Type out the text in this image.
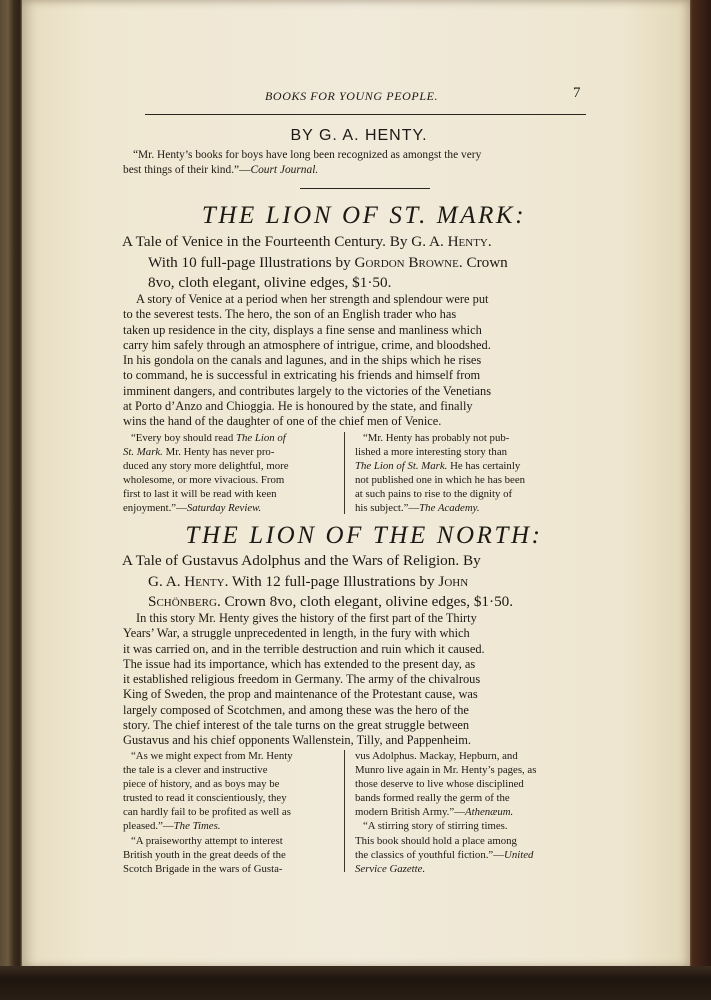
BOOKS FOR YOUNG PEOPLE.	7
BY G. A. HENTY.
“Mr. Henty’s books for boys have long been recognized as amongst the very
best things of their kind.”—Court Journal.
THE LION OF ST. MARK:
A Tale of Venice in the Fourteenth Century. By G. A. Henty.
With 10 full-page Illustrations by Gordon Browne. Crown
8vo, cloth elegant, olivine edges, $1·50.

A story of Venice at a period when her strength and splendour were put
to the severest tests. The hero, the son of an English trader who has

taken up residence in the city, displays a fine sense and manliness which
carry him safely through an atmosphere of intrigue, crime, and bloodshed.
In his gondola on the canals and lagunes, and in the ships which he rises
to command, he is successful in extricating his friends and himself from
imminent dangers, and contributes largely to the victories of the Venetians
at Porto d’Anzo and Chioggia. He is honoured by the state, and finally
wins the hand of the daughter of one of the chief men of Venice.
“Every boy should read The Lion of
St. Mark. Mr. Henty has never pro-
duced any story more delightful, more
wholesome, or more vivacious. From
first to last it will be read with keen
enjoyment.”—Saturday Review.
“Mr. Henty has probably not pub-
lished a more interesting story than
The Lion of St. Mark. He has certainly
not published one in which he has been
at such pains to rise to the dignity of
his subject.”—The Academy.
THE LION OF THE NORTH:
A Tale of Gustavus Adolphus and the Wars of Religion. By
G. A. Henty. With 12 full-page Illustrations by John
Schönberg. Crown 8vo, cloth elegant, olivine edges, $1·50.
In this story Mr. Henty gives the history of the first part of the Thirty
Years’ War, a struggle unprecedented in length, in the fury with which
it was carried on, and in the terrible destruction and ruin which it caused.
The issue had its importance, which has extended to the present day, as
it established religious freedom in Germany. The army of the chivalrous
King of Sweden, the prop and maintenance of the Protestant cause, was
largely composed of Scotchmen, and among these was the hero of the
story. The chief interest of the tale turns on the great struggle between
Gustavus and his chief opponents Wallenstein, Tilly, and Pappenheim.
“As we might expect from Mr. Henty
the tale is a clever and instructive
piece of history, and as boys may be
trusted to read it conscientiously, they
can hardly fail to be profited as well as
pleased.”—The Times.
“A praiseworthy attempt to interest
British youth in the great deeds of the
Scotch Brigade in the wars of Gusta-
vus Adolphus. Mackay, Hepburn, and
Munro live again in Mr. Henty’s pages, as
those deserve to live whose disciplined
bands formed really the germ of the
modern British Army.”—Athenæum.
“A stirring story of stirring times.
This book should hold a place among
the classics of youthful fiction.”—United
Service Gazette.
